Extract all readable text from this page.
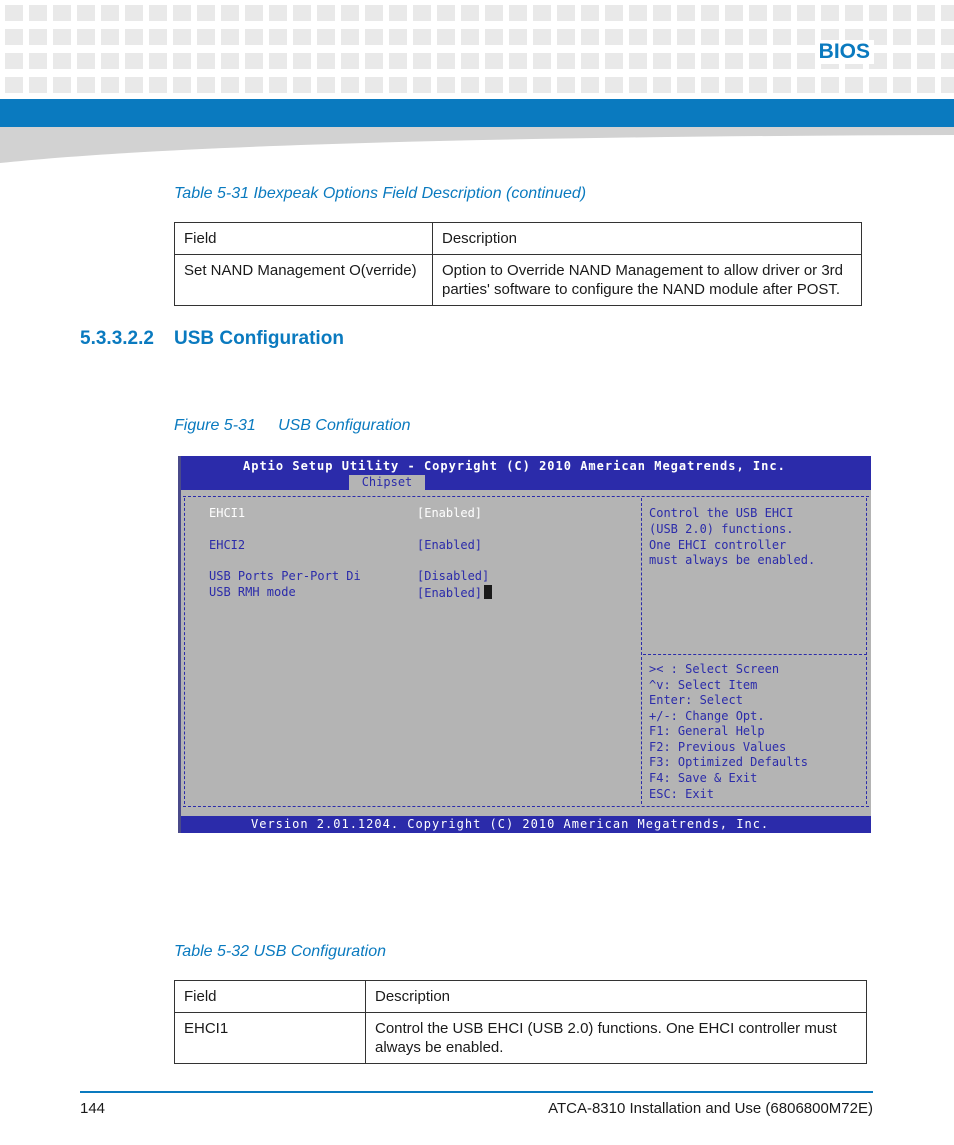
BIOS
Table 5-31 Ibexpeak Options Field Description (continued)
Field	Description
Set NAND Management O(verride)	Option to Override NAND Management to allow driver or 3rd parties' software to configure the NAND module after POST.
5.3.3.2.2 USB Configuration
Figure 5-31 USB Configuration
Aptio Setup Utility - Copyright (C) 2010 American Megatrends, Inc.
Chipset
EHCI1	[Enabled]
EHCI2	[Enabled]
USB Ports Per-Port Di	[Disabled]
USB RMH mode	[Enabled]
Control the USB EHCI
(USB 2.0) functions.
One EHCI controller
must always be enabled.
>< : Select Screen
^v: Select Item
Enter: Select
+/-: Change Opt.
F1: General Help
F2: Previous Values
F3: Optimized Defaults
F4: Save & Exit
ESC: Exit
Version 2.01.1204. Copyright (C) 2010 American Megatrends, Inc.
Table 5-32 USB Configuration
Field	Description
EHCI1	Control the USB EHCI (USB 2.0) functions. One EHCI controller must always be enabled.
144	ATCA-8310 Installation and Use (6806800M72E)
